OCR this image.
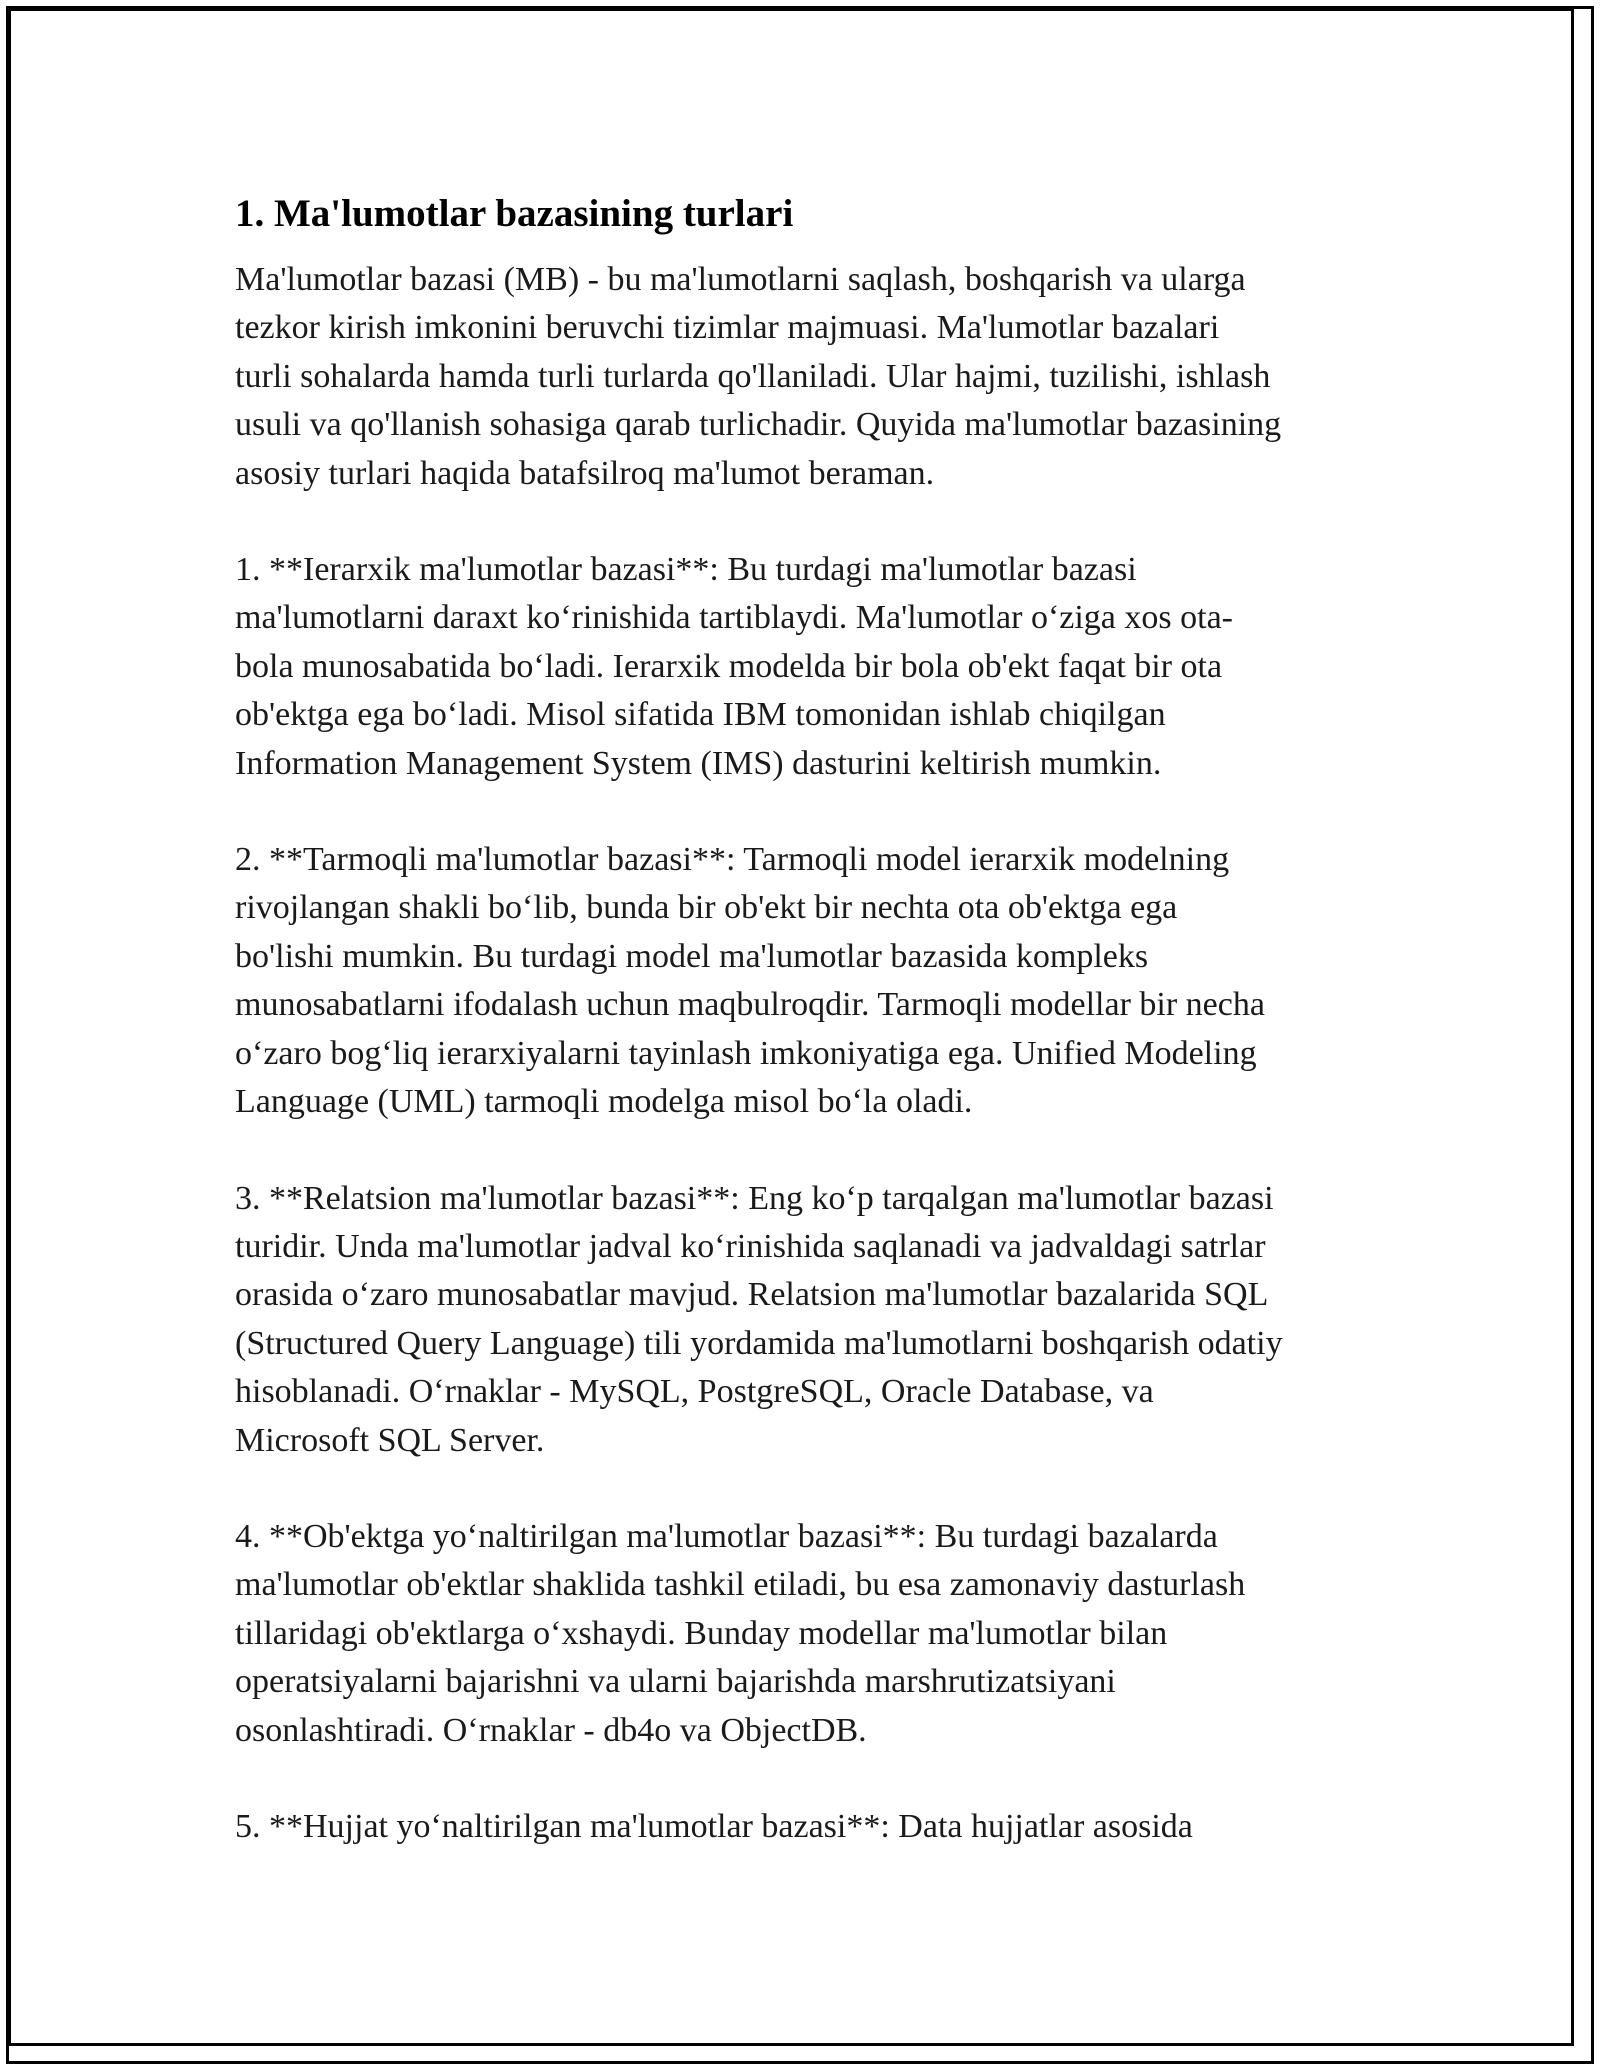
1. Ma'lumotlar bazasining turlari

Ma'lumotlar bazasi (MB) - bu ma'lumotlarni saqlash, boshqarish va ularga
tezkor kirish imkonini beruvchi tizimlar majmuasi. Ma'lumotlar bazalari
turli sohalarda hamda turli turlarda qo'llaniladi. Ular hajmi, tuzilishi, ishlash
usuli va qo'llanish sohasiga qarab turlichadir. Quyida ma'lumotlar bazasining
asosiy turlari haqida batafsilroq ma'lumot beraman.

1. **Ierarxik ma'lumotlar bazasi**: Bu turdagi ma'lumotlar bazasi
ma'lumotlarni daraxt ko‘rinishida tartiblaydi. Ma'lumotlar o‘ziga xos ota-
bola munosabatida bo‘ladi. Ierarxik modelda bir bola ob'ekt faqat bir ota
ob'ektga ega bo‘ladi. Misol sifatida IBM tomonidan ishlab chiqilgan
Information Management System (IMS) dasturini keltirish mumkin.

2. **Tarmoqli ma'lumotlar bazasi**: Tarmoqli model ierarxik modelning
rivojlangan shakli bo‘lib, bunda bir ob'ekt bir nechta ota ob'ektga ega
bo'lishi mumkin. Bu turdagi model ma'lumotlar bazasida kompleks
munosabatlarni ifodalash uchun maqbulroqdir. Tarmoqli modellar bir necha
o‘zaro bog‘liq ierarxiyalarni tayinlash imkoniyatiga ega. Unified Modeling
Language (UML) tarmoqli modelga misol bo‘la oladi.

3. **Relatsion ma'lumotlar bazasi**: Eng ko‘p tarqalgan ma'lumotlar bazasi
turidir. Unda ma'lumotlar jadval ko‘rinishida saqlanadi va jadvaldagi satrlar
orasida o‘zaro munosabatlar mavjud. Relatsion ma'lumotlar bazalarida SQL
(Structured Query Language) tili yordamida ma'lumotlarni boshqarish odatiy
hisoblanadi. O‘rnaklar - MySQL, PostgreSQL, Oracle Database, va
Microsoft SQL Server.

4. **Ob'ektga yo‘naltirilgan ma'lumotlar bazasi**: Bu turdagi bazalarda
ma'lumotlar ob'ektlar shaklida tashkil etiladi, bu esa zamonaviy dasturlash
tillaridagi ob'ektlarga o‘xshaydi. Bunday modellar ma'lumotlar bilan
operatsiyalarni bajarishni va ularni bajarishda marshrutizatsiyani
osonlashtiradi. O‘rnaklar - db4o va ObjectDB.

5. **Hujjat yo‘naltirilgan ma'lumotlar bazasi**: Data hujjatlar asosida
